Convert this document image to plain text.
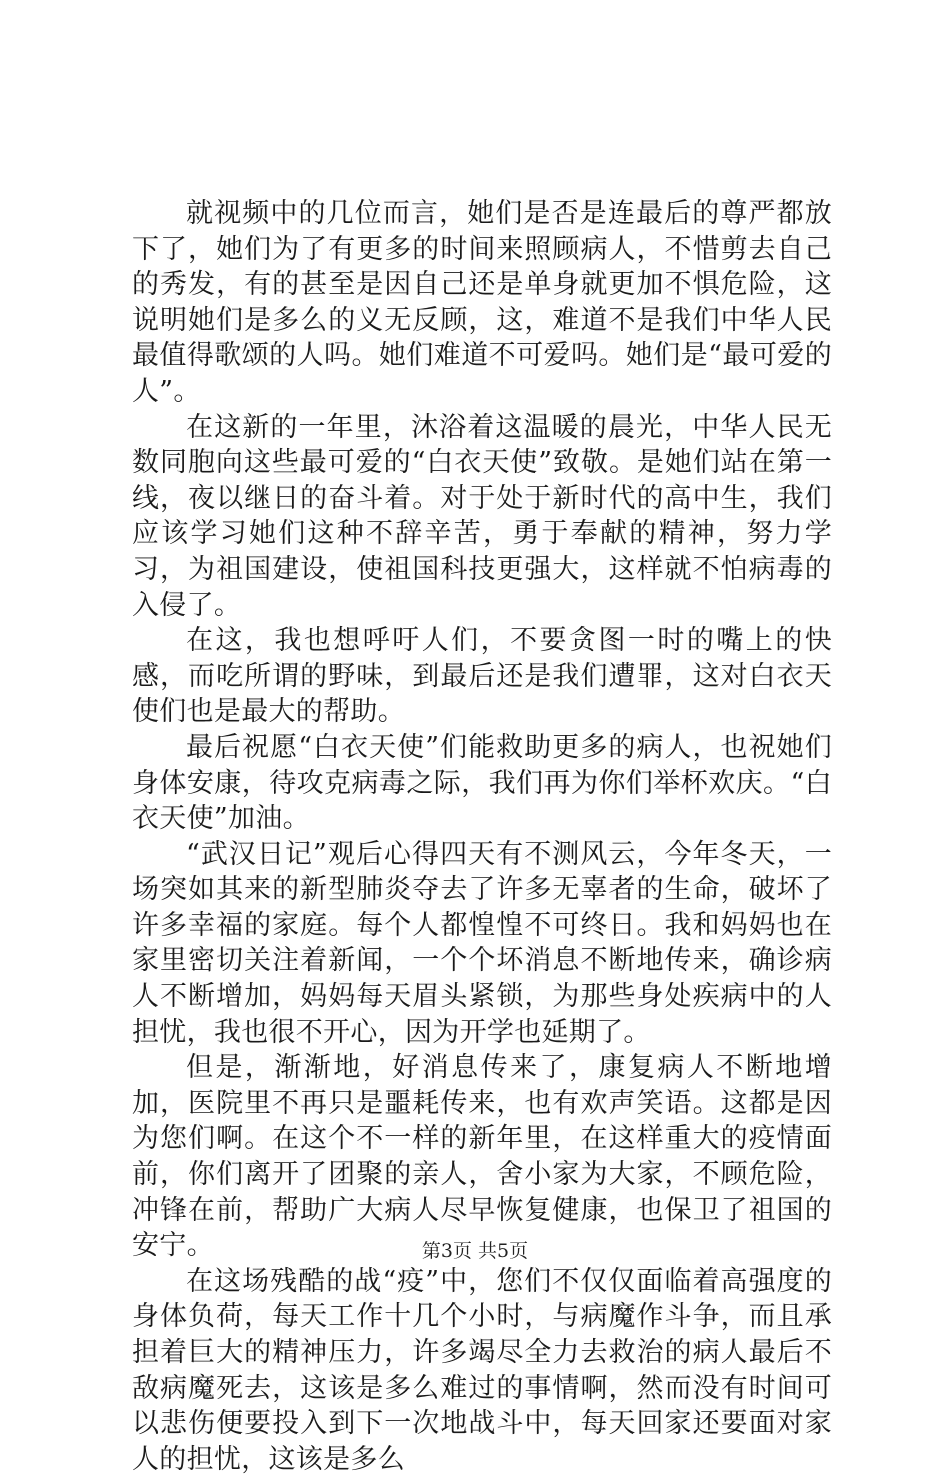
就视频中的几位而言，她们是否是连最后的尊严都放下了，她们为了有更多的时间来照顾病人，不惜剪去自己的秀发，有的甚至是因自己还是单身就更加不惧危险，这说明她们是多么的义无反顾，这，难道不是我们中华人民最值得歌颂的人吗。她们难道不可爱吗。她们是“最可爱的人”。

在这新的一年里，沐浴着这温暖的晨光，中华人民无数同胞向这些最可爱的“白衣天使”致敬。是她们站在第一线，夜以继日的奋斗着。对于处于新时代的高中生，我们应该学习她们这种不辞辛苦，勇于奉献的精神，努力学习，为祖国建设，使祖国科技更强大，这样就不怕病毒的入侵了。

在这，我也想呼吁人们，不要贪图一时的嘴上的快感，而吃所谓的野味，到最后还是我们遭罪，这对白衣天使们也是最大的帮助。

最后祝愿“白衣天使”们能救助更多的病人，也祝她们身体安康，待攻克病毒之际，我们再为你们举杯欢庆。“白衣天使”加油。

“武汉日记”观后心得四天有不测风云，今年冬天，一场突如其来的新型肺炎夺去了许多无辜者的生命，破坏了许多幸福的家庭。每个人都惶惶不可终日。我和妈妈也在家里密切关注着新闻，一个个坏消息不断地传来，确诊病人不断增加，妈妈每天眉头紧锁，为那些身处疾病中的人担忧，我也很不开心，因为开学也延期了。

但是，渐渐地，好消息传来了，康复病人不断地增加，医院里不再只是噩耗传来，也有欢声笑语。这都是因为您们啊。在这个不一样的新年里，在这样重大的疫情面前，你们离开了团聚的亲人，舍小家为大家，不顾危险，冲锋在前，帮助广大病人尽早恢复健康，也保卫了祖国的安宁。

在这场残酷的战“疫”中，您们不仅仅面临着高强度的身体负荷，每天工作十几个小时，与病魔作斗争，而且承担着巨大的精神压力，许多竭尽全力去救治的病人最后不敌病魔死去，这该是多么难过的事情啊，然而没有时间可以悲伤便要投入到下一次地战斗中，每天回家还要面对家人的担忧，这该是多么

第3页 共5页
